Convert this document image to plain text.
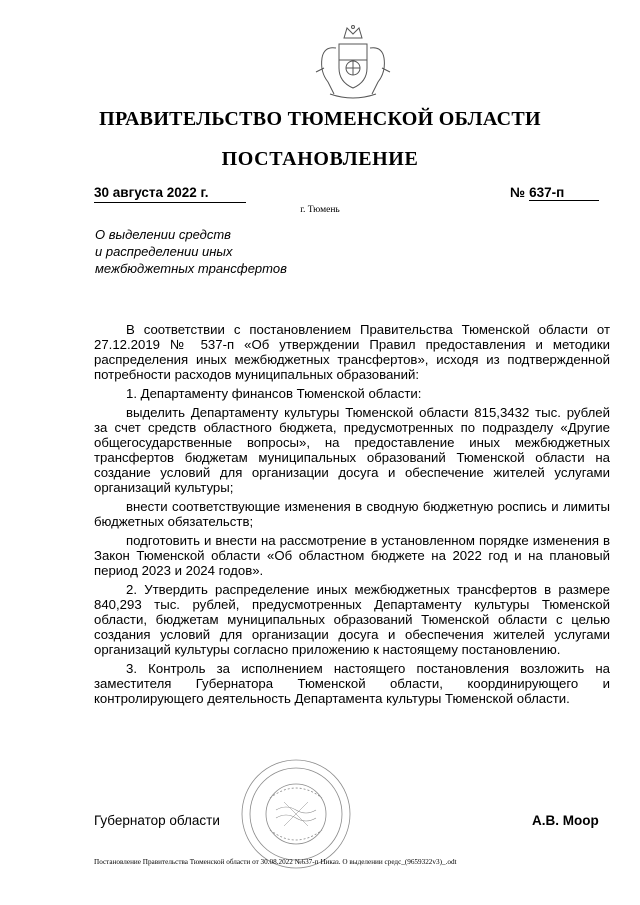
ПРАВИТЕЛЬСТВО ТЮМЕНСКОЙ ОБЛАСТИ
ПОСТАНОВЛЕНИЕ
30 августа 2022 г.	№ 637-п
г. Тюмень
О выделении средств
и распределении иных
межбюджетных трансфертов

В соответствии с постановлением Правительства Тюменской области от 27.12.2019 № 537-п «Об утверждении Правил предоставления и методики распределения иных межбюджетных трансфертов», исходя из подтвержденной потребности расходов муниципальных образований:

1. Департаменту финансов Тюменской области:

выделить Департаменту культуры Тюменской области 815,3432 тыс. рублей за счет средств областного бюджета, предусмотренных по подразделу «Другие общегосударственные вопросы», на предоставление иных межбюджетных трансфертов бюджетам муниципальных образований Тюменской области на создание условий для организации досуга и обеспечение жителей услугами организаций культуры;

внести соответствующие изменения в сводную бюджетную роспись и лимиты бюджетных обязательств;

подготовить и внести на рассмотрение в установленном порядке изменения в Закон Тюменской области «Об областном бюджете на 2022 год и на плановый период 2023 и 2024 годов».

2. Утвердить распределение иных межбюджетных трансфертов в размере 840,293 тыс. рублей, предусмотренных Департаменту культуры Тюменской области, бюджетам муниципальных образований Тюменской области с целью создания условий для организации досуга и обеспечения жителей услугами организаций культуры согласно приложению к настоящему постановлению.

3. Контроль за исполнением настоящего постановления возложить на заместителя Губернатора Тюменской области, координирующего и контролирующего деятельность Департамента культуры Тюменской области.

Губернатор области	А.В. Моор
Постановление Правительства Тюменской области от 30.08.2022 №637-п Никаз. О выделении средс_(9659322v3)_.odt
